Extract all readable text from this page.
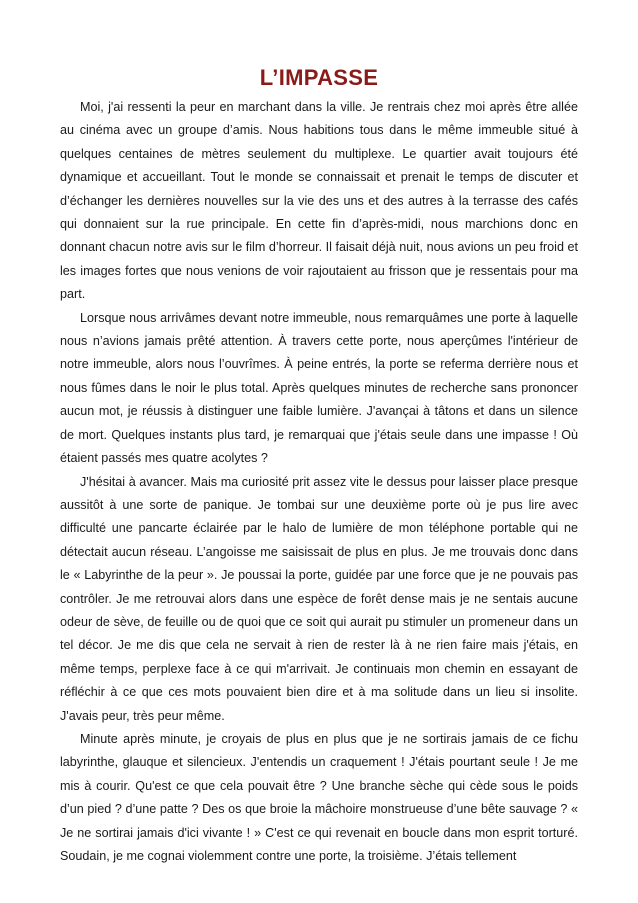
L’IMPASSE

Moi, j'ai ressenti la peur en marchant dans la ville. Je rentrais chez moi après être allée au cinéma avec un groupe d’amis. Nous habitions tous dans le même immeuble situé à quelques centaines de mètres seulement du multiplexe. Le quartier avait toujours été dynamique et accueillant. Tout le monde se connaissait et prenait le temps de discuter et d’échanger les dernières nouvelles sur la vie des uns et des autres à la terrasse des cafés qui donnaient sur la rue principale. En cette fin d’après-midi, nous marchions donc en donnant chacun notre avis sur le film d’horreur. Il faisait déjà nuit, nous avions un peu froid et les images fortes que nous venions de voir rajoutaient au frisson que je ressentais pour ma part.

Lorsque nous arrivâmes devant notre immeuble, nous remarquâmes une porte à laquelle nous n’avions jamais prêté attention. À travers cette porte, nous aperçûmes l'intérieur de notre immeuble, alors nous l’ouvrîmes. À peine entrés, la porte se referma derrière nous et nous fûmes dans le noir le plus total. Après quelques minutes de recherche sans prononcer aucun mot, je réussis à distinguer une faible lumière. J'avançai à tâtons et dans un silence de mort. Quelques instants plus tard, je remarquai que j'étais seule dans une impasse ! Où étaient passés mes quatre acolytes ?

J'hésitai à avancer. Mais ma curiosité prit assez vite le dessus pour laisser place presque aussitôt à une sorte de panique. Je tombai sur une deuxième porte où je pus lire avec difficulté une pancarte éclairée par le halo de lumière de mon téléphone portable qui ne détectait aucun réseau. L’angoisse me saisissait de plus en plus. Je me trouvais donc dans le « Labyrinthe de la peur ». Je poussai la porte, guidée par une force que je ne pouvais pas contrôler. Je me retrouvai alors dans une espèce de forêt dense mais je ne sentais aucune odeur de sève, de feuille ou de quoi que ce soit qui aurait pu stimuler un promeneur dans un tel décor. Je me dis que cela ne servait à rien de rester là à ne rien faire mais j'étais, en même temps, perplexe face à ce qui m'arrivait. Je continuais mon chemin en essayant de réfléchir à ce que ces mots pouvaient bien dire et à ma solitude dans un lieu si insolite. J'avais peur, très peur même.

Minute après minute, je croyais de plus en plus que je ne sortirais jamais de ce fichu labyrinthe, glauque et silencieux. J'entendis un craquement ! J'étais pourtant seule ! Je me mis à courir. Qu'est ce que cela pouvait être ? Une branche sèche qui cède sous le poids d’un pied ? d’une patte ? Des os que broie la mâchoire monstrueuse d’une bête sauvage ? « Je ne sortirai jamais d'ici vivante ! » C'est ce qui revenait en boucle dans mon esprit torturé. Soudain, je me cognai violemment contre une porte, la troisième. J’étais tellement
